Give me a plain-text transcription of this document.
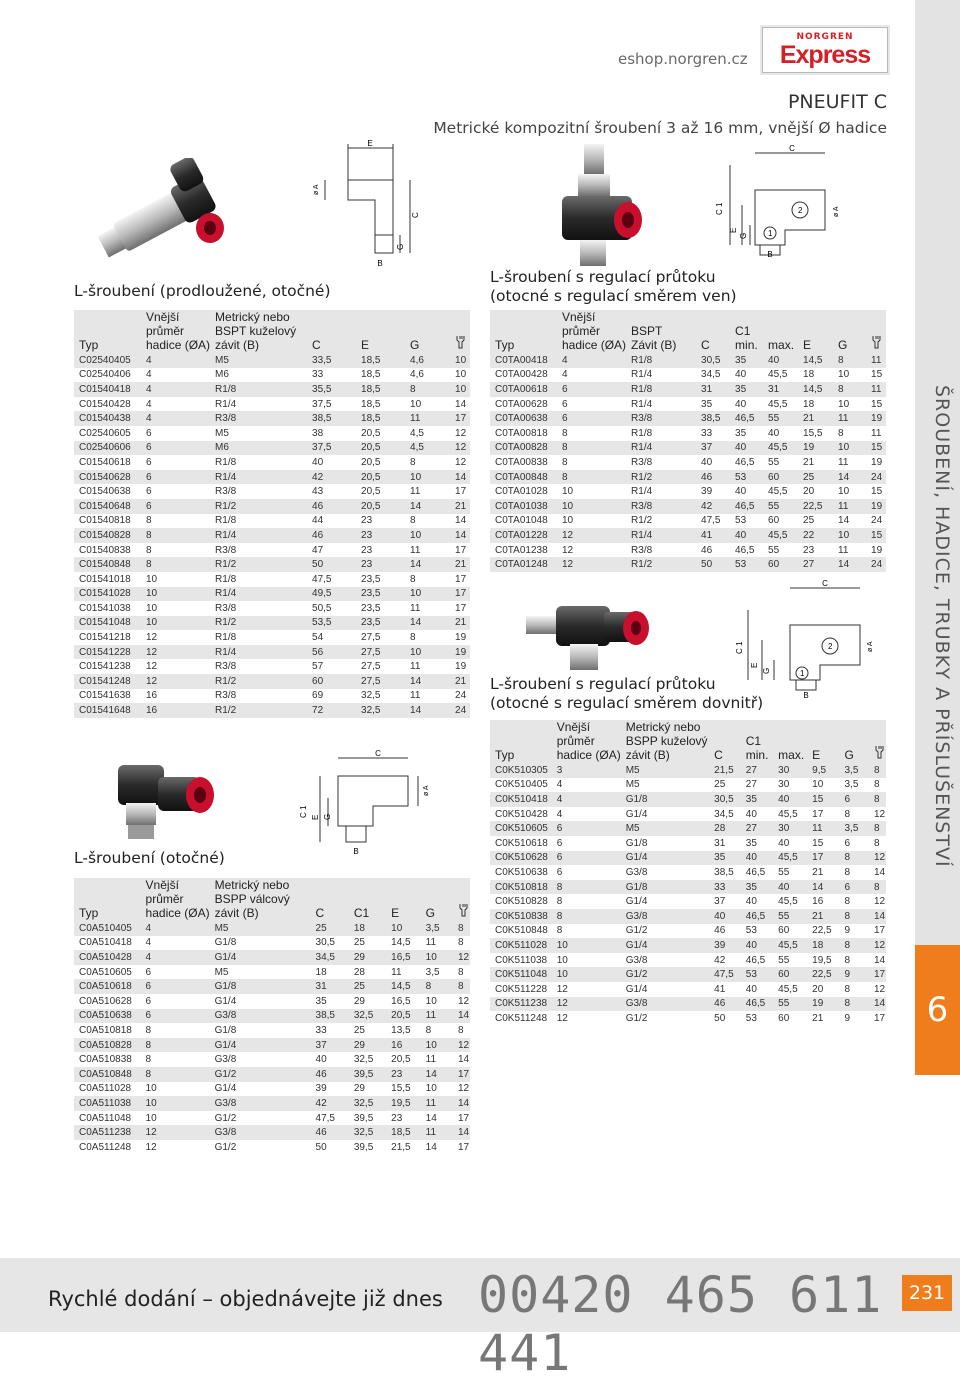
eshop.norgren.cz
NORGREN
Express
PNEUFIT C
Metrické kompozitní šroubení 3 až 16 mm, vnější Ø hadice
ŠROUBENÍ, HADICE, TRUBKY A PŘÍSLUŠENSTVÍ
6
E
C
G
ø A
B
L-šroubení (prodloužené, otočné)
Typ	Vnější
průměr
hadice (ØA)	Metrický nebo
BSPT kuželový
závit (B)	C	E	G	
C02540405	4	M5	33,5	18,5	4,6	10
C02540406	4	M6	33	18,5	4,6	10
C01540418	4	R1/8	35,5	18,5	8	10
C01540428	4	R1/4	37,5	18,5	10	14
C01540438	4	R3/8	38,5	18,5	11	17
C02540605	6	M5	38	20,5	4,5	12
C02540606	6	M6	37,5	20,5	4,5	12
C01540618	6	R1/8	40	20,5	8	12
C01540628	6	R1/4	42	20,5	10	14
C01540638	6	R3/8	43	20,5	11	17
C01540648	6	R1/2	46	20,5	14	21
C01540818	8	R1/8	44	23	8	14
C01540828	8	R1/4	46	23	10	14
C01540838	8	R3/8	47	23	11	17
C01540848	8	R1/2	50	23	14	21
C01541018	10	R1/8	47,5	23,5	8	17
C01541028	10	R1/4	49,5	23,5	10	17
C01541038	10	R3/8	50,5	23,5	11	17
C01541048	10	R1/2	53,5	23,5	14	21
C01541218	12	R1/8	54	27,5	8	19
C01541228	12	R1/4	56	27,5	10	19
C01541238	12	R3/8	57	27,5	11	19
C01541248	12	R1/2	60	27,5	14	21
C01541638	16	R3/8	69	32,5	11	24
C01541648	16	R1/2	72	32,5	14	24
C
C 1 E G
ø A
B
L-šroubení (otočné)
Typ	Vnější
průměr
hadice (ØA)	Metrický nebo
BSPP válcový
závit (B)	C	C1	E	G	
C0A510405	4	M5	25	18	10	3,5	8
C0A510418	4	G1/8	30,5	25	14,5	11	8
C0A510428	4	G1/4	34,5	29	16,5	10	12
C0A510605	6	M5	18	28	11	3,5	8
C0A510618	6	G1/8	31	25	14,5	8	8
C0A510628	6	G1/4	35	29	16,5	10	12
C0A510638	6	G3/8	38,5	32,5	20,5	11	14
C0A510818	8	G1/8	33	25	13,5	8	8
C0A510828	8	G1/4	37	29	16	10	12
C0A510838	8	G3/8	40	32,5	20,5	11	14
C0A510848	8	G1/2	46	39,5	23	14	17
C0A511028	10	G1/4	39	29	15,5	10	12
C0A511038	10	G3/8	42	32,5	19,5	11	14
C0A511048	10	G1/2	47,5	39,5	23	14	17
C0A511238	12	G3/8	46	32,5	18,5	11	14
C0A511248	12	G1/2	50	39,5	21,5	14	17
C
C 1
E
G
2
1
ø A
B
L-šroubení s regulací průtoku
(otocné s regulací směrem ven)
Typ	Vnější
průměr
hadice (ØA)	BSPT
Závit (B)	C	C1
min.	max.	E	G	
C0TA00418	4	R1/8	30,5	35	40	14,5	8	11
C0TA00428	4	R1/4	34,5	40	45,5	18	10	15
C0TA00618	6	R1/8	31	35	31	14,5	8	11
C0TA00628	6	R1/4	35	40	45,5	18	10	15
C0TA00638	6	R3/8	38,5	46,5	55	21	11	19
C0TA00818	8	R1/8	33	35	40	15,5	8	11
C0TA00828	8	R1/4	37	40	45,5	19	10	15
C0TA00838	8	R3/8	40	46,5	55	21	11	19
C0TA00848	8	R1/2	46	53	60	25	14	24
C0TA01028	10	R1/4	39	40	45,5	20	10	15
C0TA01038	10	R3/8	42	46,5	55	22,5	11	19
C0TA01048	10	R1/2	47,5	53	60	25	14	24
C0TA01228	12	R1/4	41	40	45,5	22	10	15
C0TA01238	12	R3/8	46	46,5	55	23	11	19
C0TA01248	12	R1/2	50	53	60	27	14	24
C
C 1
E
G
2
1
ø A
B
L-šroubení s regulací průtoku
(otocné s regulací směrem dovnitř)
Typ	Vnější
průměr
hadice (ØA)	Metrický nebo
BSPP kuželový
závit (B)	C	C1
min.	max.	E	G	
C0K510305	3	M5	21,5	27	30	9,5	3,5	8
C0K510405	4	M5	25	27	30	10	3,5	8
C0K510418	4	G1/8	30,5	35	40	15	6	8
C0K510428	4	G1/4	34,5	40	45,5	17	8	12
C0K510605	6	M5	28	27	30	11	3,5	8
C0K510618	6	G1/8	31	35	40	15	6	8
C0K510628	6	G1/4	35	40	45,5	17	8	12
C0K510638	6	G3/8	38,5	46,5	55	21	8	14
C0K510818	8	G1/8	33	35	40	14	6	8
C0K510828	8	G1/4	37	40	45,5	16	8	12
C0K510838	8	G3/8	40	46,5	55	21	8	14
C0K510848	8	G1/2	46	53	60	22,5	9	17
C0K511028	10	G1/4	39	40	45,5	18	8	12
C0K511038	10	G3/8	42	46,5	55	19,5	8	14
C0K511048	10	G1/2	47,5	53	60	22,5	9	17
C0K511228	12	G1/4	41	40	45,5	20	8	12
C0K511238	12	G3/8	46	46,5	55	19	8	14
C0K511248	12	G1/2	50	53	60	21	9	17
Rychlé dodání – objednávejte již dnes 00420 465 611 441
231
